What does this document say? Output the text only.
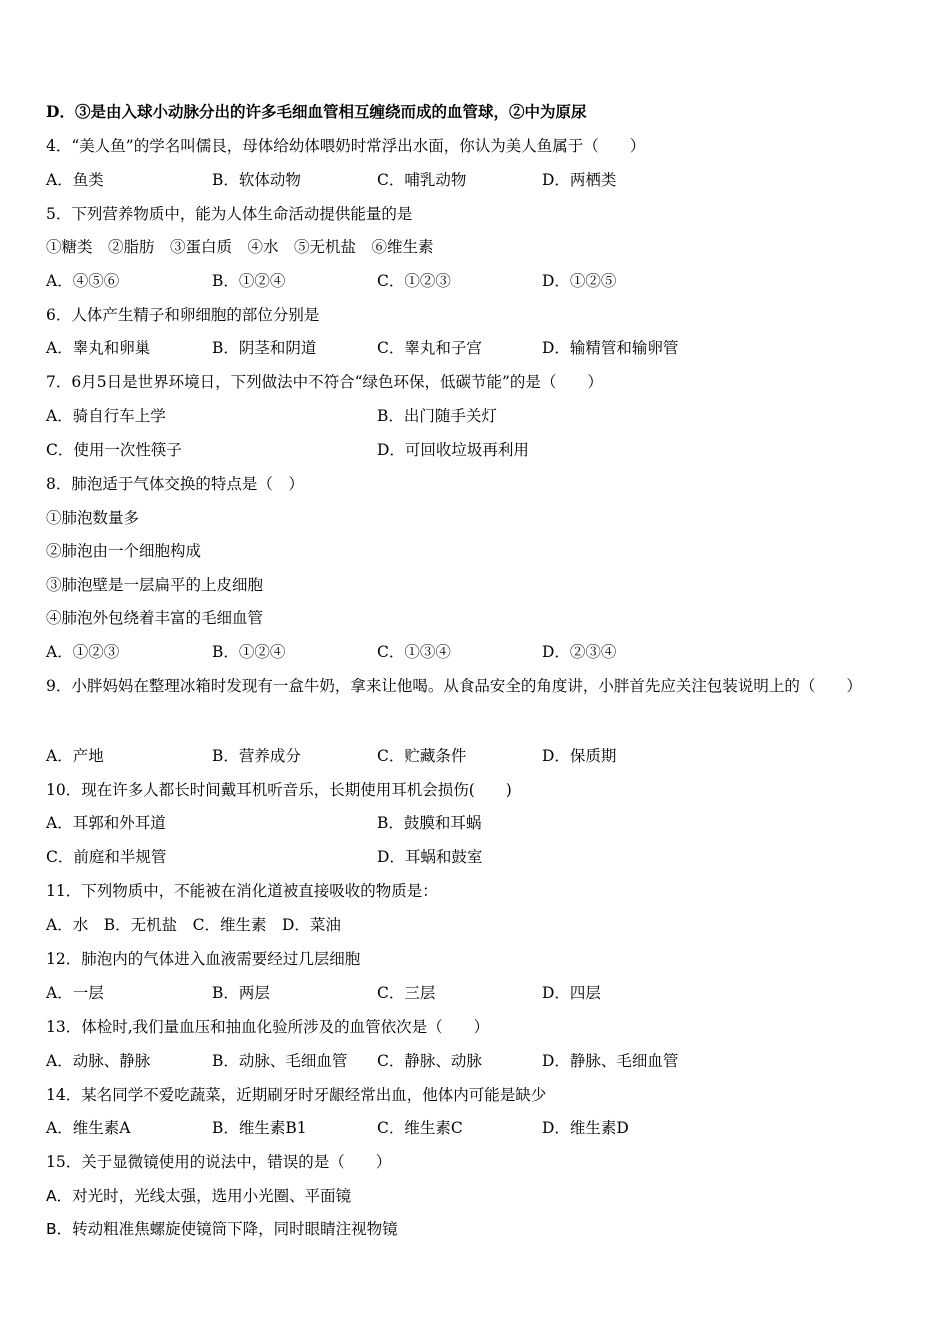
D．③是由入球小动脉分出的许多毛细血管相互缠绕而成的血管球，②中为原尿
4．“美人鱼”的学名叫儒艮，母体给幼体喂奶时常浮出水面，你认为美人鱼属于（　　）
A．鱼类	B．软体动物	C．哺乳动物	D．两栖类
5．下列营养物质中，能为人体生命活动提供能量的是
①糖类　②脂肪　③蛋白质　④水　⑤无机盐　⑥维生素
A．④⑤⑥	B．①②④	C．①②③	D．①②⑤
6．人体产生精子和卵细胞的部位分别是
A．睾丸和卵巢	B．阴茎和阴道	C．睾丸和子宫	D．输精管和输卵管
7．6月5日是世界环境日，下列做法中不符合“绿色环保，低碳节能”的是（　　）
A．骑自行车上学	B．出门随手关灯
C．使用一次性筷子	D．可回收垃圾再利用
8．肺泡适于气体交换的特点是（　）
①肺泡数量多
②肺泡由一个细胞构成
③肺泡壁是一层扁平的上皮细胞
④肺泡外包绕着丰富的毛细血管
A．①②③	B．①②④	C．①③④	D．②③④
9．小胖妈妈在整理冰箱时发现有一盒牛奶，拿来让他喝。从食品安全的角度讲，小胖首先应关注包装说明上的（　　）
A．产地	B．营养成分	C．贮藏条件	D．保质期
10．现在许多人都长时间戴耳机听音乐，长期使用耳机会损伤(　　)
A．耳郭和外耳道	B．鼓膜和耳蜗
C．前庭和半规管	D．耳蜗和鼓室
11．下列物质中，不能被在消化道被直接吸收的物质是：
A．水　B．无机盐　C．维生素　D．菜油
12．肺泡内的气体进入血液需要经过几层细胞
A．一层	B．两层	C．三层	D．四层
13．体检时,我们量血压和抽血化验所涉及的血管依次是（　　）
A．动脉、静脉	B．动脉、毛细血管 C．静脉、动脉	D．静脉、毛细血管
14．某名同学不爱吃蔬菜，近期刷牙时牙龈经常出血，他体内可能是缺少
A．维生素A	B．维生素B1	C．维生素C	D．维生素D
15．关于显微镜使用的说法中，错误的是（　　）
A．对光时，光线太强，选用小光圈、平面镜
B．转动粗准焦螺旋使镜筒下降，同时眼睛注视物镜
